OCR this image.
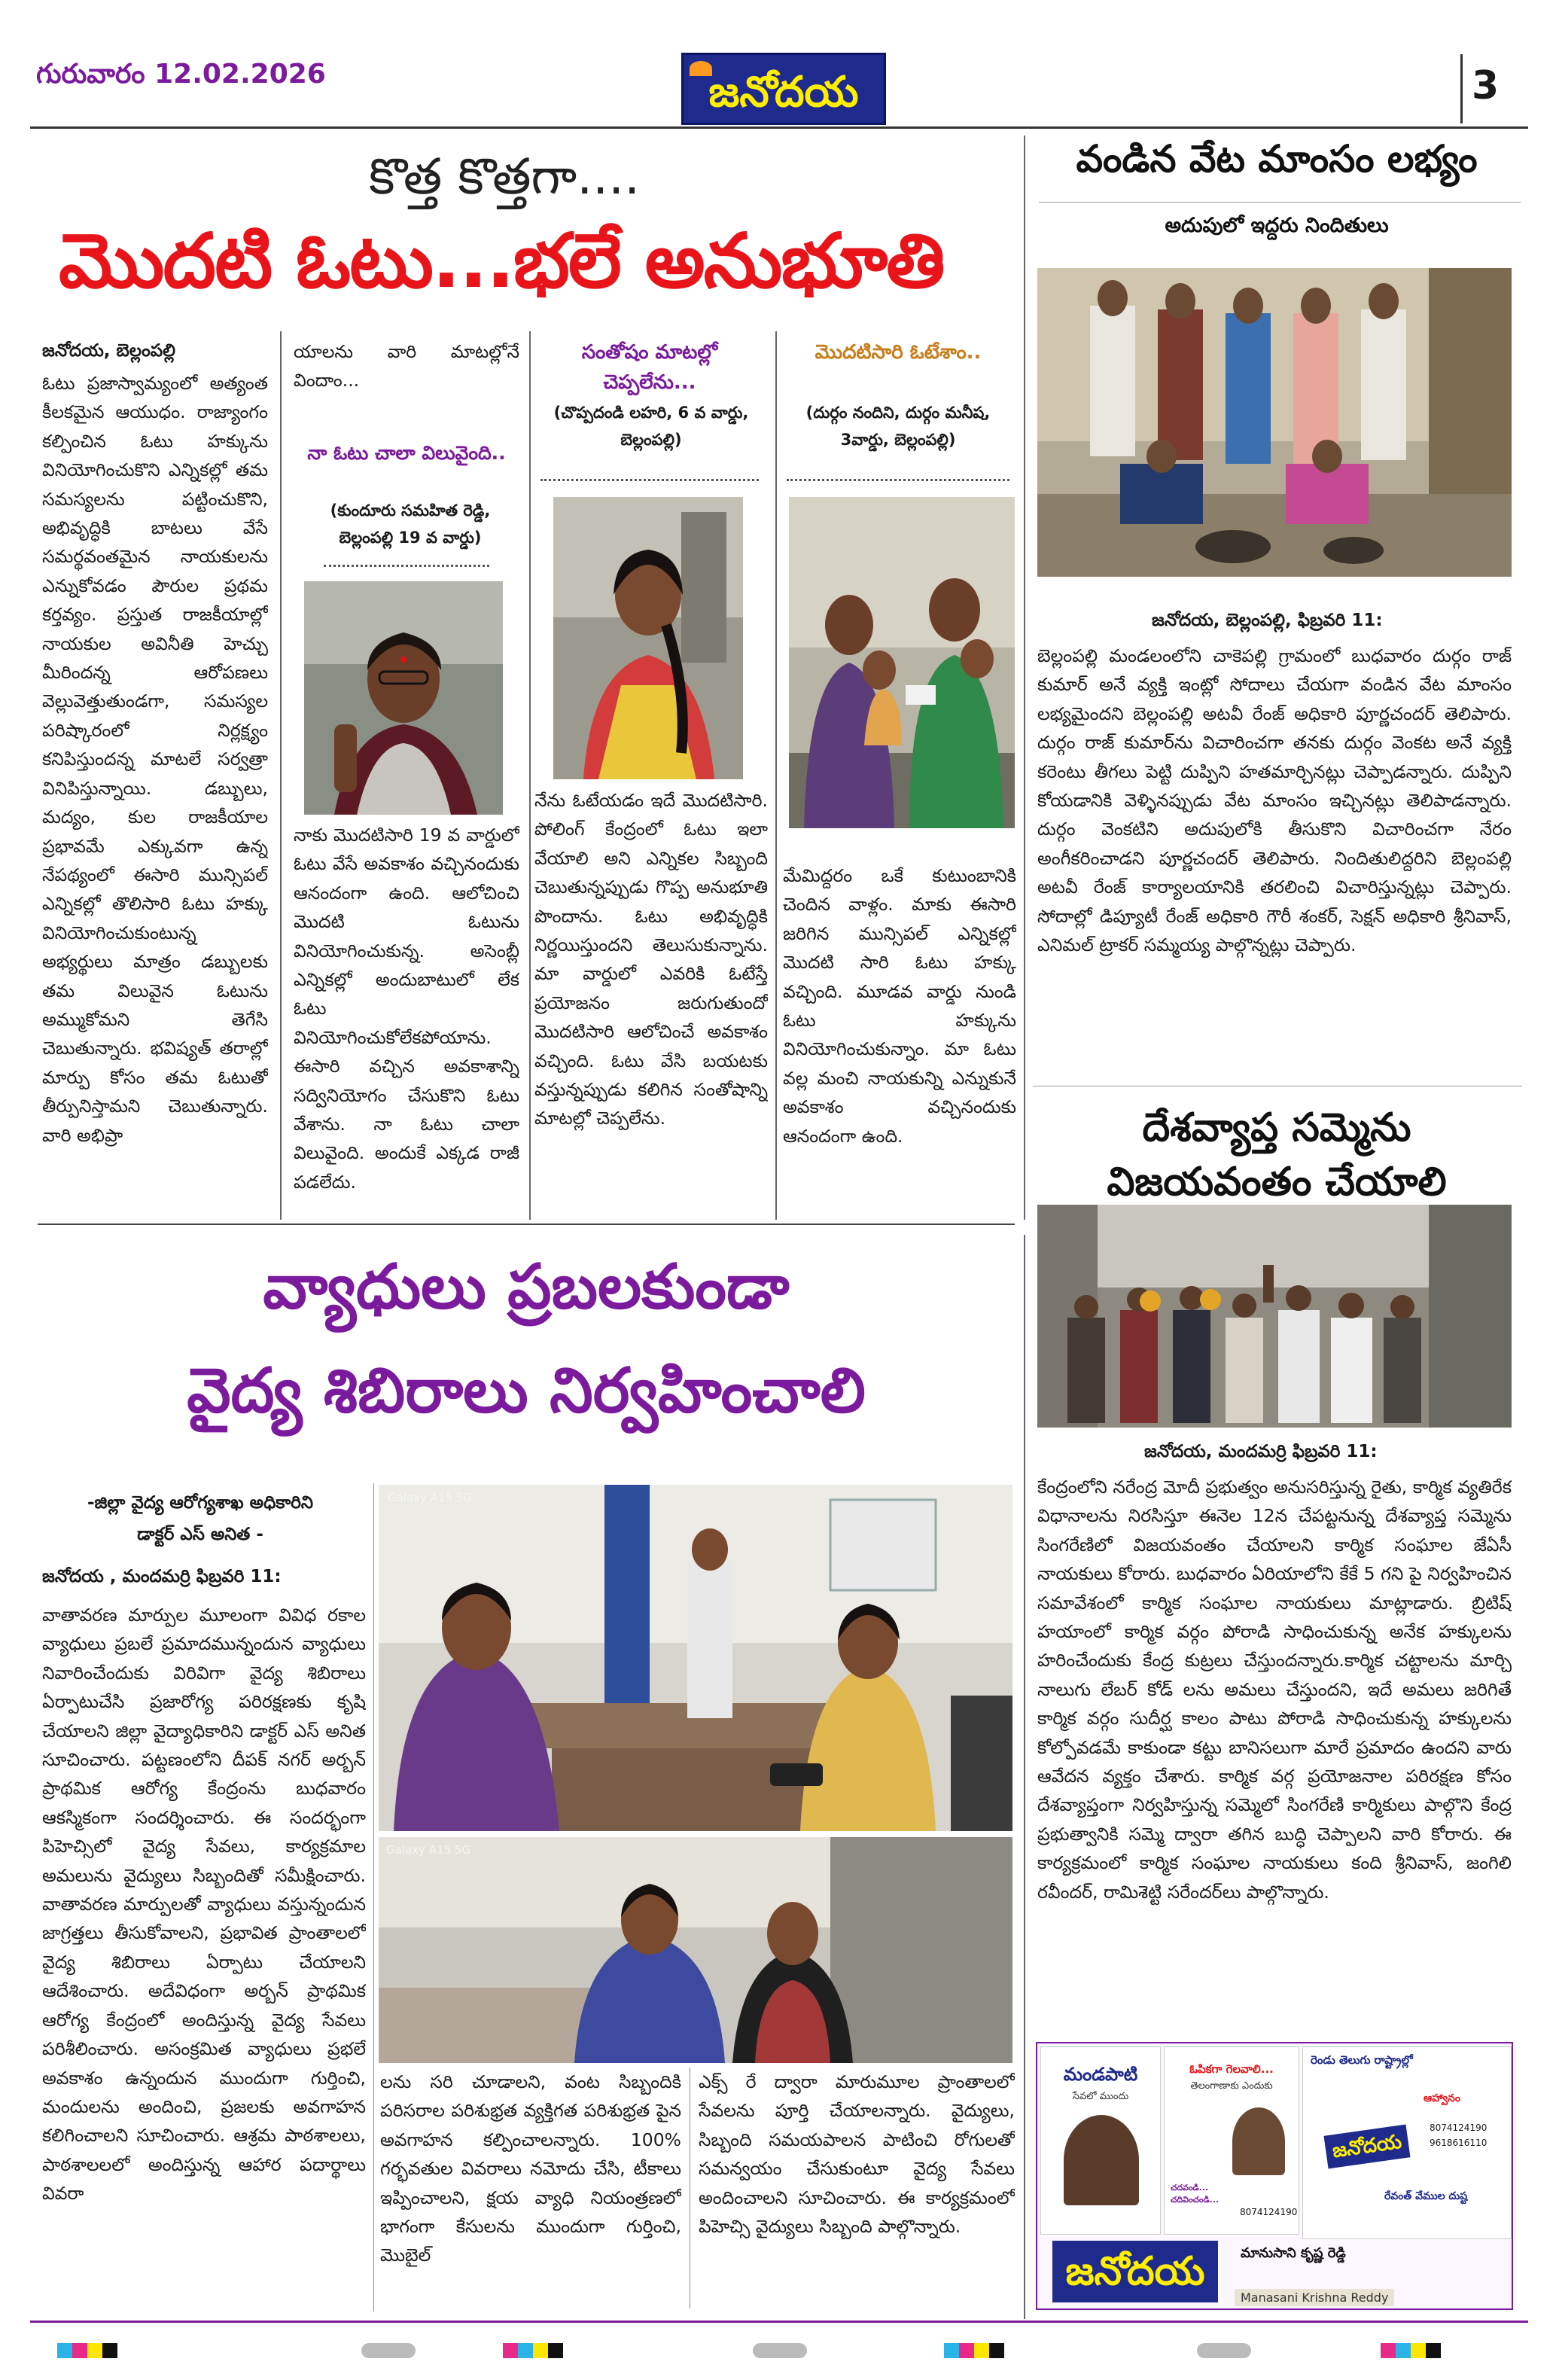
గురువారం 12.02.2026	జనోదయ	3
కొత్త కొత్తగా....
మొదటి ఓటు...భలే అనుభూతి
జనోదయ, బెల్లంపల్లి
ఓటు ప్రజాస్వామ్యంలో అత్యంత కీలకమైన ఆయుధం. రాజ్యాంగం కల్పించిన ఓటు హక్కును వినియోగించుకొని ఎన్నికల్లో తమ సమస్యలను పట్టించుకొని, అభివృద్ధికి బాటలు వేసే సమర్థవంతమైన నాయకులను ఎన్నుకోవడం పౌరుల ప్రథమ కర్తవ్యం. ప్రస్తుత రాజకీయాల్లో నాయకుల అవినీతి హెచ్చు మీరిందన్న ఆరోపణలు వెల్లువెత్తుతుండగా, సమస్యల పరిష్కారంలో నిర్లక్ష్యం కనిపిస్తుందన్న మాటలే సర్వత్రా వినిపిస్తున్నాయి. డబ్బులు, మద్యం, కుల రాజకీయాల ప్రభావమే ఎక్కువగా ఉన్న నేపథ్యంలో ఈసారి మున్సిపల్ ఎన్నికల్లో తొలిసారి ఓటు హక్కు వినియోగించుకుంటున్న అభ్యర్థులు మాత్రం డబ్బులకు తమ విలువైన ఓటును అమ్ముకోమని తెగేసి చెబుతున్నారు. భవిష్యత్ తరాల్లో మార్పు కోసం తమ ఓటుతో తీర్పునిస్తామని చెబుతున్నారు. వారి అభిప్రా
యాలను వారి మాటల్లోనే విందాం...
నా ఓటు చాలా విలువైంది..
(కుందూరు సమహిత రెడ్డి, బెల్లంపల్లి 19 వ వార్డు)
నాకు మొదటిసారి 19 వ వార్డులో ఓటు వేసే అవకాశం వచ్చినందుకు ఆనందంగా ఉంది. ఆలోచించి మొదటి ఓటును వినియోగించుకున్న. అసెంబ్లీ ఎన్నికల్లో అందుబాటులో లేక ఓటు వినియోగించుకోలేకపోయాను. ఈసారి వచ్చిన అవకాశాన్ని సద్వినియోగం చేసుకొని ఓటు వేశాను. నా ఓటు చాలా విలువైంది. అందుకే ఎక్కడ రాజీ పడలేదు.
సంతోషం మాటల్లో చెప్పలేను...
(చొప్పదండి లహరి, 6 వ వార్డు, బెల్లంపల్లి)
నేను ఓటేయడం ఇదే మొదటిసారి. పోలింగ్ కేంద్రంలో ఓటు ఇలా వేయాలి అని ఎన్నికల సిబ్బంది చెబుతున్నప్పుడు గొప్ప అనుభూతి పొందాను. ఓటు అభివృద్ధికి నిర్ణయిస్తుందని తెలుసుకున్నాను. మా వార్డులో ఎవరికి ఓటేస్తే ప్రయోజనం జరుగుతుందో మొదటిసారి ఆలోచించే అవకాశం వచ్చింది. ఓటు వేసి బయటకు వస్తున్నప్పుడు కలిగిన సంతోషాన్ని మాటల్లో చెప్పలేను.
మొదటిసారి ఓటేశాం..
(దుర్గం నందిని, దుర్గం మనీష, 3వార్డు, బెల్లంపల్లి)
మేమిద్దరం ఒకే కుటుంబానికి చెందిన వాళ్లం. మాకు ఈసారి జరిగిన మున్సిపల్ ఎన్నికల్లో మొదటి సారి ఓటు హక్కు వచ్చింది. మూడవ వార్డు నుండి ఓటు హక్కును వినియోగించుకున్నాం. మా ఓటు వల్ల మంచి నాయకున్ని ఎన్నుకునే అవకాశం వచ్చినందుకు ఆనందంగా ఉంది.
వండిన వేట మాంసం లభ్యం
అదుపులో ఇద్దరు నిందితులు
జనోదయ, బెల్లంపల్లి, ఫిబ్రవరి 11:
బెల్లంపల్లి మండలంలోని చాకెపల్లి గ్రామంలో బుధవారం దుర్గం రాజ్ కుమార్ అనే వ్యక్తి ఇంట్లో సోదాలు చేయగా వండిన వేట మాంసం లభ్యమైందని బెల్లంపల్లి అటవీ రేంజ్ అధికారి పూర్ణచందర్ తెలిపారు. దుర్గం రాజ్ కుమార్‌ను విచారించగా తనకు దుర్గం వెంకట అనే వ్యక్తి కరెంటు తీగలు పెట్టి దుప్పిని హతమార్చినట్లు చెప్పాడన్నారు. దుప్పిని కోయడానికి వెళ్ళినప్పుడు వేట మాంసం ఇచ్చినట్లు తెలిపాడన్నారు. దుర్గం వెంకటిని అదుపులోకి తీసుకొని విచారించగా నేరం అంగీకరించాడని పూర్ణచందర్ తెలిపారు. నిందితులిద్దరిని బెల్లంపల్లి అటవీ రేంజ్ కార్యాలయానికి తరలించి విచారిస్తున్నట్లు చెప్పారు. సోదాల్లో డిప్యూటీ రేంజ్ అధికారి గౌరీ శంకర్, సెక్షన్ అధికారి శ్రీనివాస్, ఎనిమల్ ట్రాకర్ సమ్మయ్య పాల్గొన్నట్లు చెప్పారు.
దేశవ్యాప్త సమ్మెను
విజయవంతం చేయాలి
జనోదయ, మందమర్రి ఫిబ్రవరి 11:
కేంద్రంలోని నరేంద్ర మోదీ ప్రభుత్వం అనుసరిస్తున్న రైతు, కార్మిక వ్యతిరేక విధానాలను నిరసిస్తూ ఈనెల 12న చేపట్టనున్న దేశవ్యాప్త సమ్మెను సింగరేణిలో విజయవంతం చేయాలని కార్మిక సంఘాల జేఏసీ నాయకులు కోరారు. బుధవారం ఏరియాలోని కేకే 5 గని పై నిర్వహించిన సమావేశంలో కార్మిక సంఘాల నాయకులు మాట్లాడారు. బ్రిటిష్ హయాంలో కార్మిక వర్గం పోరాడి సాధించుకున్న అనేక హక్కులను హరించేందుకు కేంద్ర కుట్రలు చేస్తుందన్నారు.కార్మిక చట్టాలను మార్చి నాలుగు లేబర్ కోడ్ లను అమలు చేస్తుందని, ఇదే అమలు జరిగితే కార్మిక వర్గం సుదీర్ఘ కాలం పాటు పోరాడి సాధించుకున్న హక్కులను కోల్పోవడమే కాకుండా కట్టు బానిసలుగా మారే ప్రమాదం ఉందని వారు ఆవేదన వ్యక్తం చేశారు. కార్మిక వర్గ ప్రయోజనాల పరిరక్షణ కోసం దేశవ్యాప్తంగా నిర్వహిస్తున్న సమ్మెలో సింగరేణి కార్మికులు పాల్గొని కేంద్ర ప్రభుత్వానికి సమ్మె ద్వారా తగిన బుద్ధి చెప్పాలని వారి కోరారు. ఈ కార్యక్రమంలో కార్మిక సంఘాల నాయకులు కంది శ్రీనివాస్, జంగిలి రవీందర్, రామిశెట్టి సరేందర్‌లు పాల్గొన్నారు.
వ్యాధులు ప్రబలకుండా
వైద్య శిబిరాలు నిర్వహించాలి
-జిల్లా వైద్య ఆరోగ్యశాఖ అధికారిని
డాక్టర్ ఎస్ అనిత -
జనోదయ , మందమర్రి ఫిబ్రవరి 11:
వాతావరణ మార్పుల మూలంగా వివిధ రకాల వ్యాధులు ప్రబలే ప్రమాదమున్నందున వ్యాధులు నివారించేందుకు విరివిగా వైద్య శిబిరాలు ఏర్పాటుచేసి ప్రజారోగ్య పరిరక్షణకు కృషి చేయాలని జిల్లా వైద్యాధికారిని డాక్టర్ ఎస్ అనిత సూచించారు. పట్టణంలోని దీపక్ నగర్ అర్బన్ ప్రాథమిక ఆరోగ్య కేంద్రంను బుధవారం ఆకస్మికంగా సందర్శించారు. ఈ సందర్భంగా పిహెచ్సిలో వైద్య సేవలు, కార్యక్రమాల అమలును వైద్యులు సిబ్బందితో సమీక్షించారు. వాతావరణ మార్పులతో వ్యాధులు వస్తున్నందున జాగ్రత్తలు తీసుకోవాలని, ప్రభావిత ప్రాంతాలలో వైద్య శిబిరాలు ఏర్పాటు చేయాలని ఆదేశించారు. అదేవిధంగా అర్బన్ ప్రాథమిక ఆరోగ్య కేంద్రంలో అందిస్తున్న వైద్య సేవలు పరిశీలించారు. అసంక్రమిత వ్యాధులు ప్రభలే అవకాశం ఉన్నందున ముందుగా గుర్తించి, మందులను అందించి, ప్రజలకు అవగాహన కలిగించాలని సూచించారు. ఆశ్రమ పాఠశాలలు, పాఠశాలలలో అందిస్తున్న ఆహార పదార్థాలు వివరా
Galaxy A15 5G
Galaxy A15 5G
లను సరి చూడాలని, వంట సిబ్బందికి పరిసరాల పరిశుభ్రత వ్యక్తిగత పరిశుభ్రత పైన అవగాహన కల్పించాలన్నారు. 100% గర్భవతుల వివరాలు నమోదు చేసి, టీకాలు ఇప్పించాలని, క్షయ వ్యాధి నియంత్రణలో భాగంగా కేసులను ముందుగా గుర్తించి, మొబైల్
ఎక్స్ రే ద్వారా మారుమూల ప్రాంతాలలో సేవలను పూర్తి చేయాలన్నారు. వైద్యులు, సిబ్బంది సమయపాలన పాటించి రోగులతో సమన్వయం చేసుకుంటూ వైద్య సేవలు అందించాలని సూచించారు. ఈ కార్యక్రమంలో పిహెచ్సి వైద్యులు సిబ్బంది పాల్గొన్నారు.
మండపాటి
సేవలో ముందు
ఓపికగా గెలవాలి...
తెలంగాణాకు ఎందుకు
చదవండి... చదివించండి...
8074124190
రెండు తెలుగు రాష్ట్రాల్లో
జనోదయ
ఆహ్వానం
8074124190
9618616110
రేవంత్ వేముల దుష్ట
జనోదయ	మానుసాని కృష్ణ రెడ్డి
Manasani Krishna Reddy
